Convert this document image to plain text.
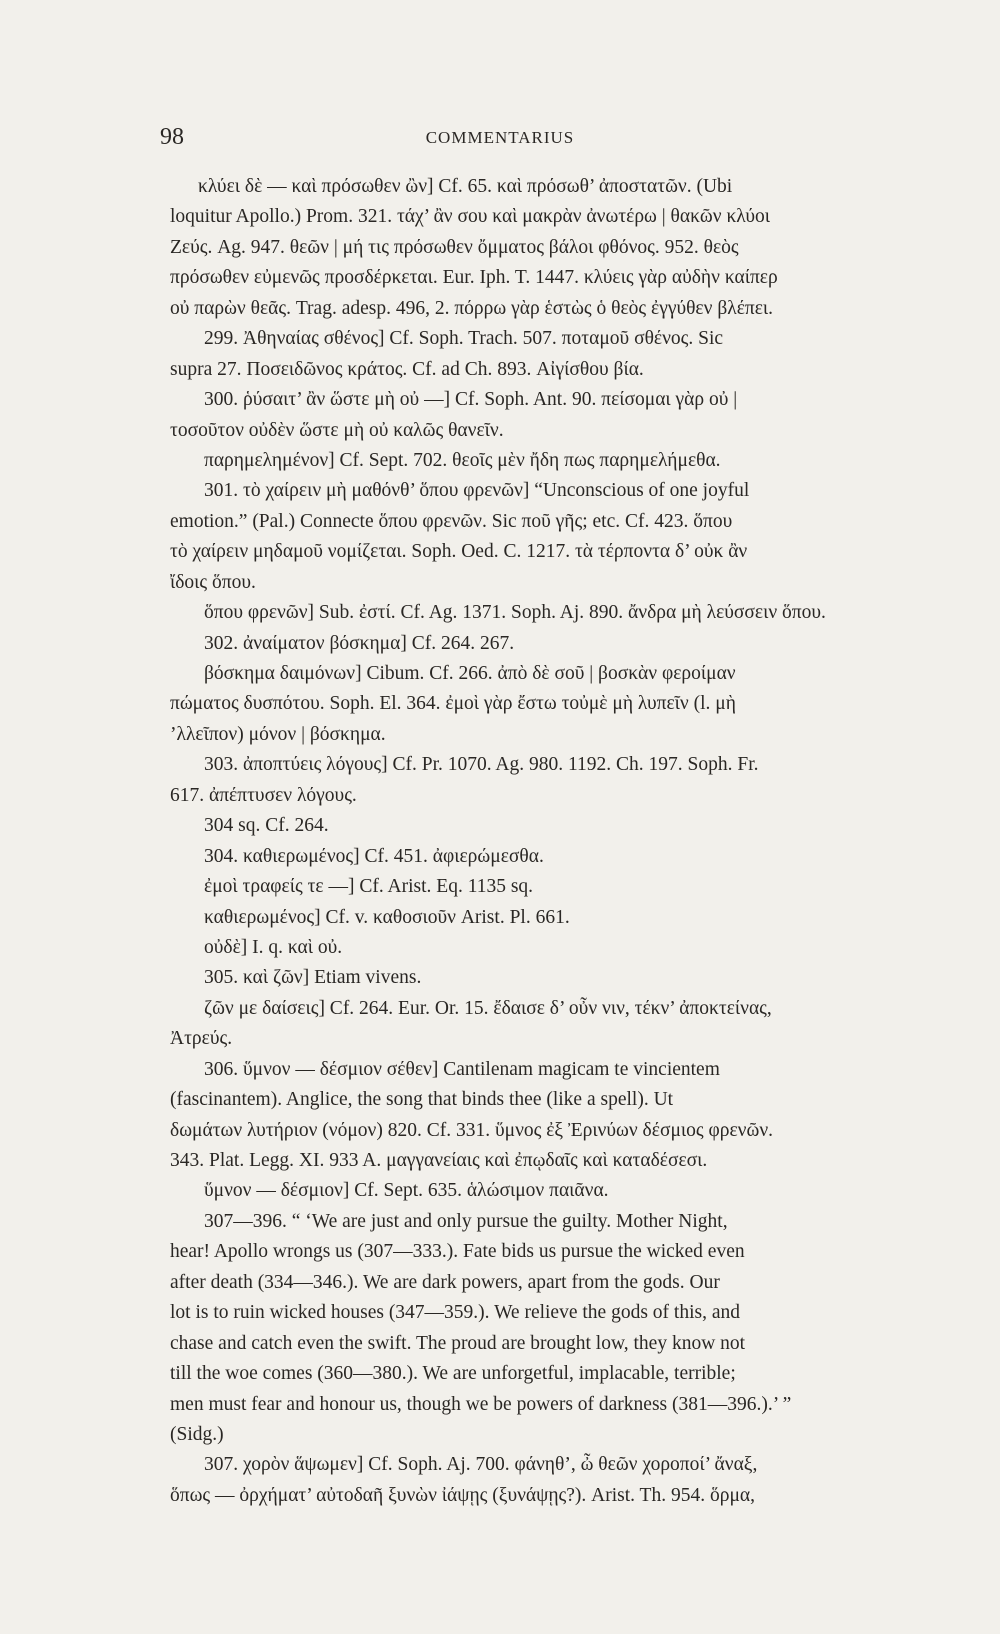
98	COMMENTARIUS
κλύει δὲ — καὶ πρόσωθεν ὢν] Cf. 65. καὶ πρόσωθ’ ἀποστατῶν. (Ubi
loquitur Apollo.) Prom. 321. τάχ’ ἂν σου καὶ μακρὰν ἀνωτέρω | θακῶν κλύοι
Ζεύς. Ag. 947. θεῶν | μή τις πρόσωθεν ὄμματος βάλοι φθόνος. 952. θεὸς
πρόσωθεν εὐμενῶς προσδέρκεται. Eur. Iph. T. 1447. κλύεις γὰρ αὐδὴν καίπερ
οὐ παρὼν θεᾶς. Trag. adesp. 496, 2. πόρρω γὰρ ἑστὼς ὁ θεὸς ἐγγύθεν βλέπει.
299. Ἀθηναίας σθένος] Cf. Soph. Trach. 507. ποταμοῦ σθένος. Sic
supra 27. Ποσειδῶνος κράτος. Cf. ad Ch. 893. Αἰγίσθου βία.
300. ῥύσαιτ’ ἂν ὥστε μὴ οὐ —] Cf. Soph. Ant. 90. πείσομαι γὰρ οὐ |
τοσοῦτον οὐδὲν ὥστε μὴ οὐ καλῶς θανεῖν.
παρημελημένον] Cf. Sept. 702. θεοῖς μὲν ἤδη πως παρημελήμεθα.
301. τὸ χαίρειν μὴ μαθόνθ’ ὅπου φρενῶν] “Unconscious of one joyful
emotion.” (Pal.) Connecte ὅπου φρενῶν. Sic ποῦ γῆς; etc. Cf. 423. ὅπου
τὸ χαίρειν μηδαμοῦ νομίζεται. Soph. Oed. C. 1217. τὰ τέρποντα δ’ οὐκ ἂν
ἴδοις ὅπου.
ὅπου φρενῶν] Sub. ἐστί. Cf. Ag. 1371. Soph. Aj. 890. ἄνδρα μὴ λεύσσειν ὅπου.
302. ἀναίματον βόσκημα] Cf. 264. 267.
βόσκημα δαιμόνων] Cibum. Cf. 266. ἀπὸ δὲ σοῦ | βοσκὰν φεροίμαν
πώματος δυσπότου. Soph. El. 364. ἐμοὶ γὰρ ἔστω τοὐμὲ μὴ λυπεῖν (l. μὴ
’λλεῖπον) μόνον | βόσκημα.
303. ἀποπτύεις λόγους] Cf. Pr. 1070. Ag. 980. 1192. Ch. 197. Soph. Fr.
617. ἀπέπτυσεν λόγους.
304 sq. Cf. 264.
304. καθιερωμένος] Cf. 451. ἀφιερώμεσθα.
ἐμοὶ τραφείς τε —] Cf. Arist. Eq. 1135 sq.
καθιερωμένος] Cf. v. καθοσιοῦν Arist. Pl. 661.
οὐδὲ] I. q. καὶ οὐ.
305. καὶ ζῶν] Etiam vivens.
ζῶν με δαίσεις] Cf. 264. Eur. Or. 15. ἔδαισε δ’ οὖν νιν, τέκν’ ἀποκτείνας,
Ἀτρεύς.
306. ὕμνον — δέσμιον σέθεν] Cantilenam magicam te vincientem
(fascinantem). Anglice, the song that binds thee (like a spell). Ut
δωμάτων λυτήριον (νόμον) 820. Cf. 331. ὕμνος ἐξ Ἐρινύων δέσμιος φρενῶν.
343. Plat. Legg. XI. 933 A. μαγγανείαις καὶ ἐπῳδαῖς καὶ καταδέσεσι.
ὕμνον — δέσμιον] Cf. Sept. 635. ἁλώσιμον παιᾶνα.
307—396. “ ‘We are just and only pursue the guilty. Mother Night,
hear! Apollo wrongs us (307—333.). Fate bids us pursue the wicked even
after death (334—346.). We are dark powers, apart from the gods. Our
lot is to ruin wicked houses (347—359.). We relieve the gods of this, and
chase and catch even the swift. The proud are brought low, they know not
till the woe comes (360—380.). We are unforgetful, implacable, terrible;
men must fear and honour us, though we be powers of darkness (381—396.).’ ”
(Sidg.)
307. χορὸν ἅψωμεν] Cf. Soph. Aj. 700. φάνηθ’, ὦ θεῶν χοροποί’ ἄναξ,
ὅπως — ὀρχήματ’ αὐτοδαῆ ξυνὼν ἰάψῃς (ξυνάψῃς?). Arist. Th. 954. ὅρμα,
